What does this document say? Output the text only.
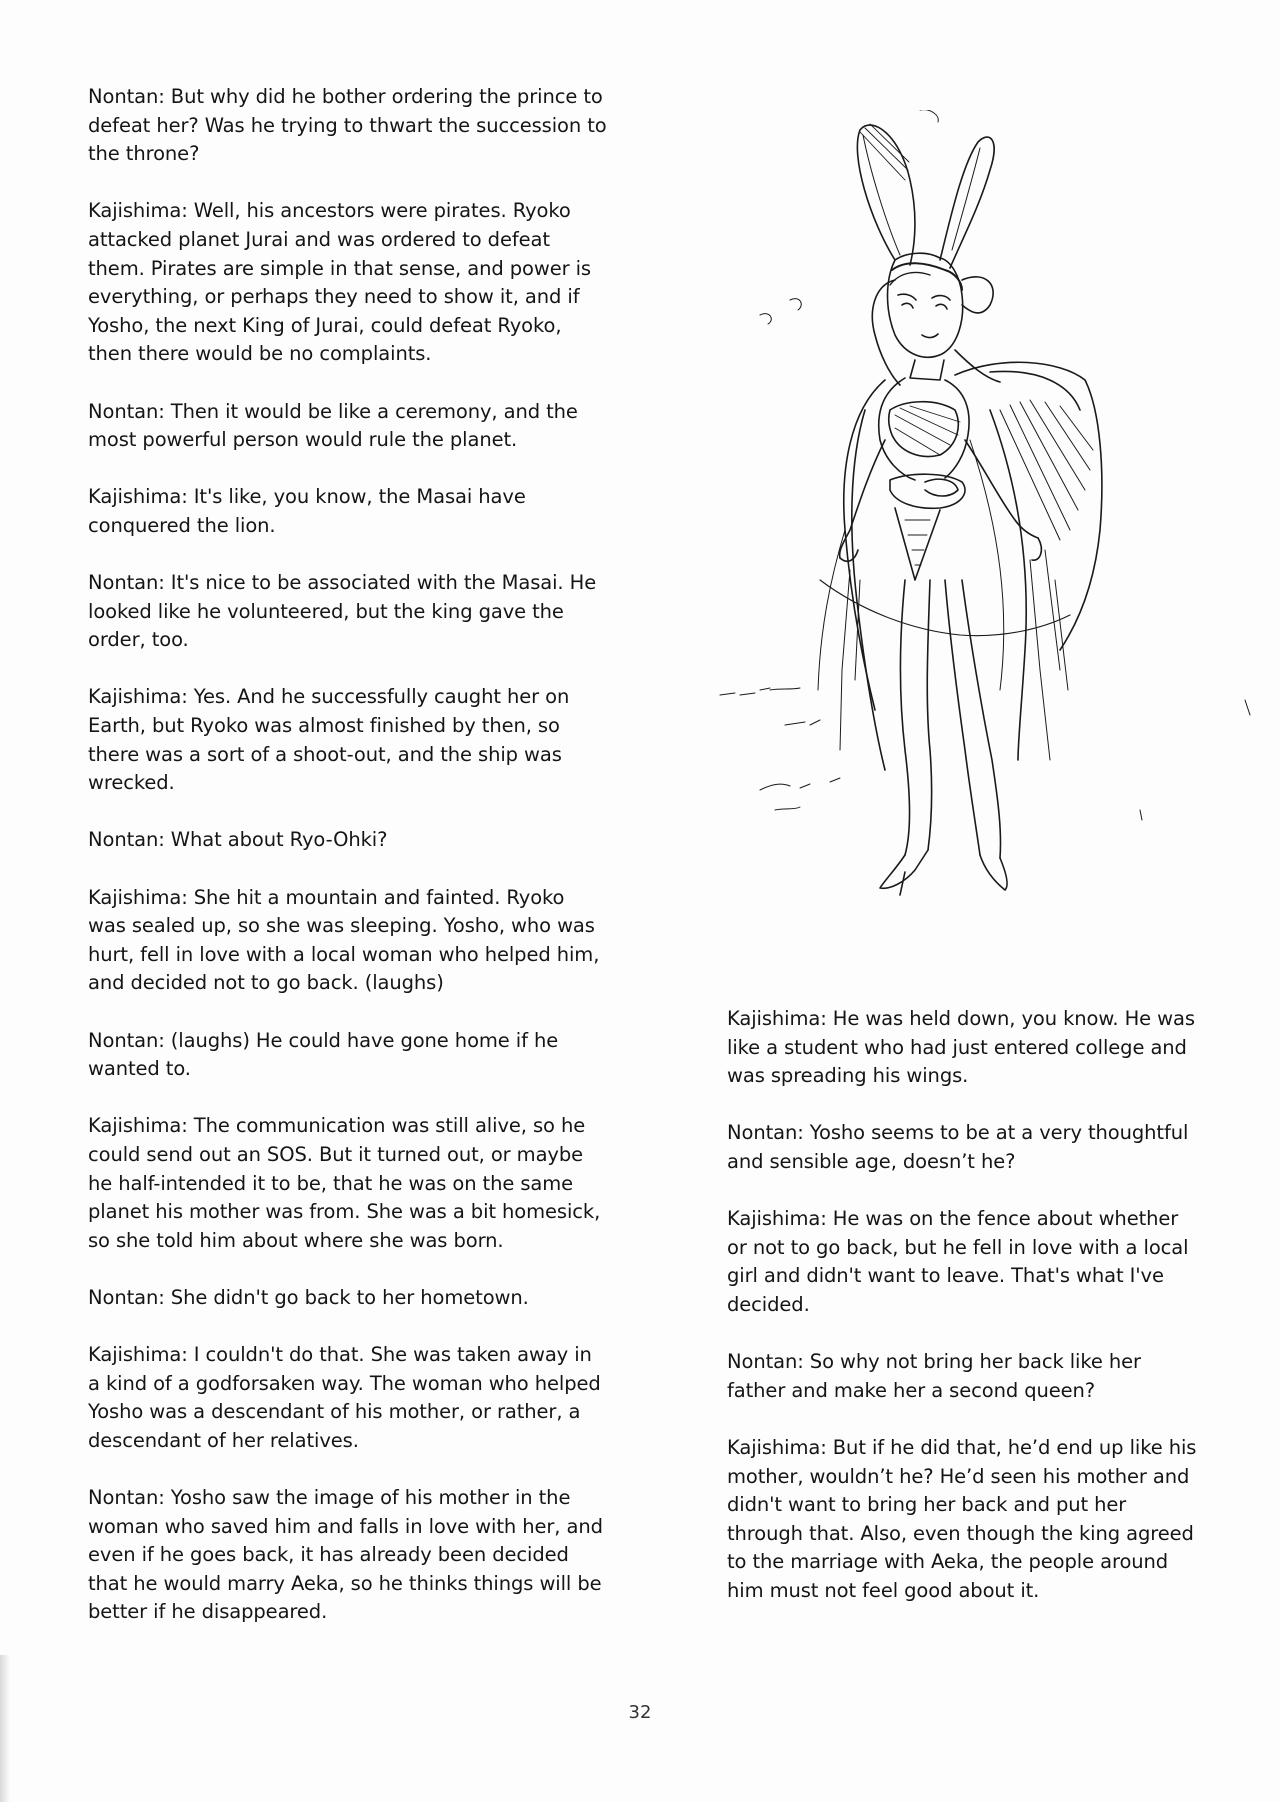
Nontan: But why did he bother ordering the prince to defeat her? Was he trying to thwart the succession to the throne?

Kajishima: Well, his ancestors were pirates. Ryoko attacked planet Jurai and was ordered to defeat them. Pirates are simple in that sense, and power is everything, or perhaps they need to show it, and if Yosho, the next King of Jurai, could defeat Ryoko, then there would be no complaints.

Nontan: Then it would be like a ceremony, and the most powerful person would rule the planet.

Kajishima: It's like, you know, the Masai have conquered the lion.

Nontan: It's nice to be associated with the Masai. He looked like he volunteered, but the king gave the order, too.

Kajishima: Yes. And he successfully caught her on Earth, but Ryoko was almost finished by then, so there was a sort of a shoot-out, and the ship was wrecked.

Nontan: What about Ryo-Ohki?

Kajishima: She hit a mountain and fainted. Ryoko was sealed up, so she was sleeping. Yosho, who was hurt, fell in love with a local woman who helped him, and decided not to go back. (laughs)

Nontan: (laughs) He could have gone home if he wanted to.

Kajishima: The communication was still alive, so he could send out an SOS. But it turned out, or maybe he half-intended it to be, that he was on the same planet his mother was from. She was a bit homesick, so she told him about where she was born.

Nontan: She didn't go back to her hometown.

Kajishima: I couldn't do that. She was taken away in a kind of a godforsaken way. The woman who helped Yosho was a descendant of his mother, or rather, a descendant of her relatives.

Nontan: Yosho saw the image of his mother in the woman who saved him and falls in love with her, and even if he goes back, it has already been decided that he would marry Aeka, so he thinks things will be better if he disappeared.

Kajishima: He was held down, you know. He was like a student who had just entered college and was spreading his wings.

Nontan: Yosho seems to be at a very thoughtful and sensible age, doesn’t he?

Kajishima: He was on the fence about whether or not to go back, but he fell in love with a local girl and didn't want to leave. That's what I've decided.

Nontan: So why not bring her back like her father and make her a second queen?

Kajishima: But if he did that, he’d end up like his mother, wouldn’t he? He’d seen his mother and didn't want to bring her back and put her through that. Also, even though the king agreed to the marriage with Aeka, the people around him must not feel good about it.

32
